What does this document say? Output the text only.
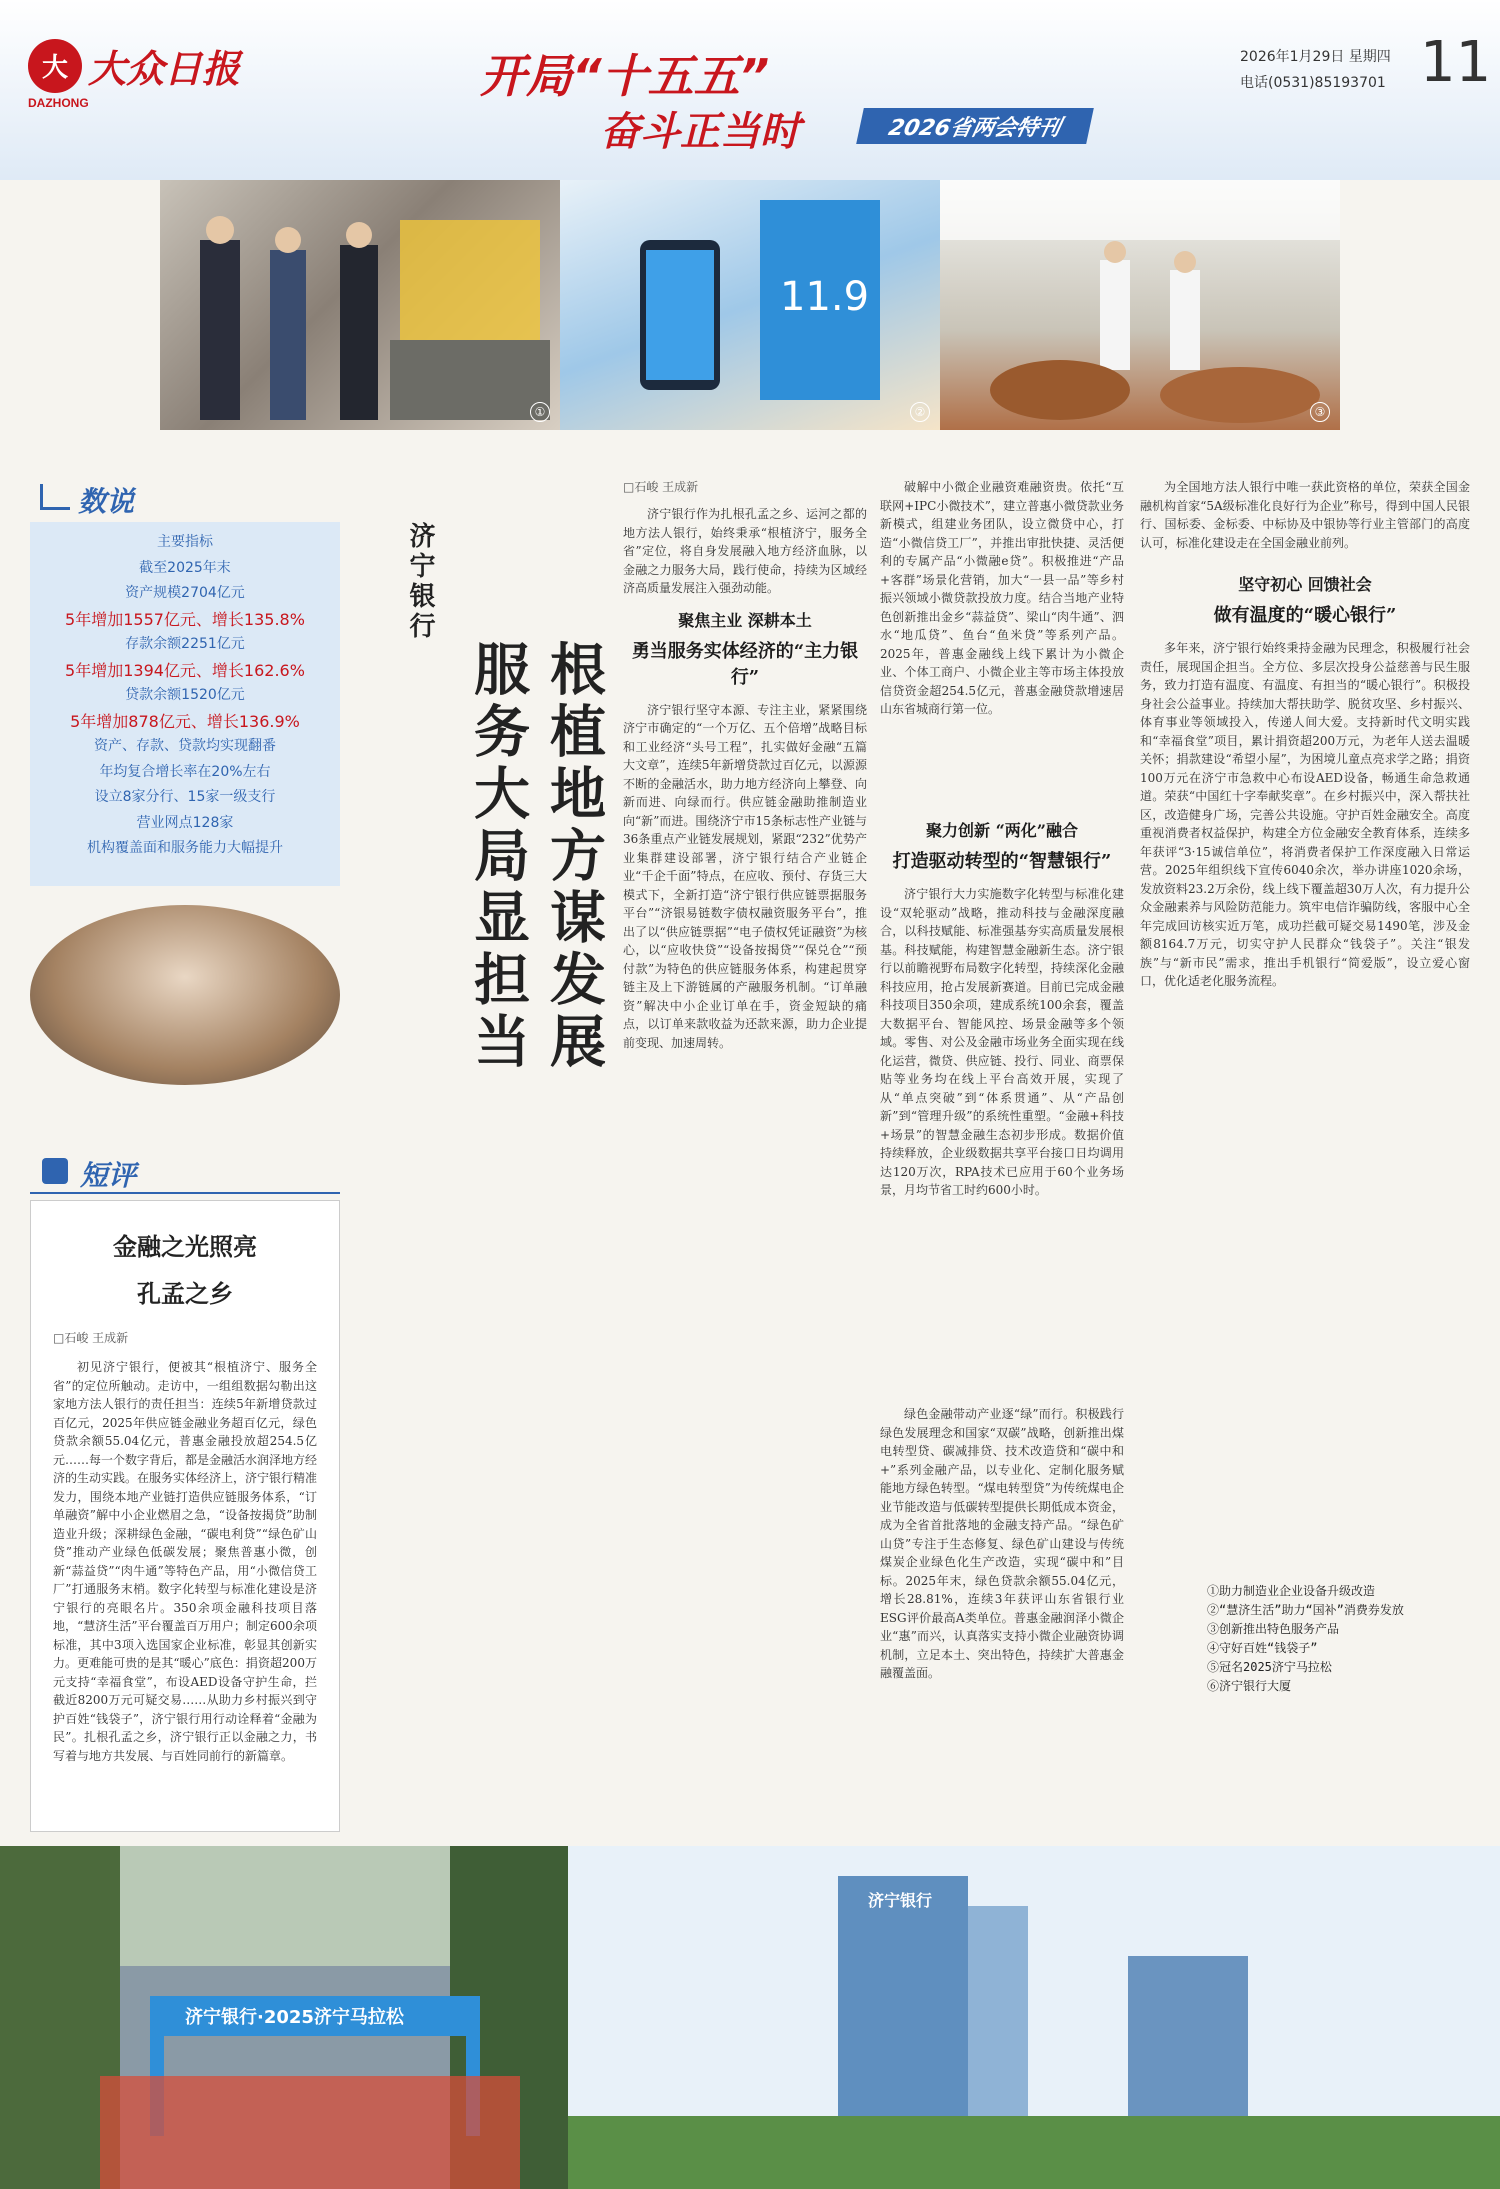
大 大众日报
DAZHONG	开局“十五五”
奋斗正当时	2026省两会特刊
2026年1月29日 星期四
电话(0531)85193701 11
①
11.9
②	③
数说
主要指标
截至2025年末
资产规模2704亿元
5年增加1557亿元、增长135.8%
存款余额2251亿元
5年增加1394亿元、增长162.6%
贷款余额1520亿元
5年增加878亿元、增长136.9%
资产、存款、贷款均实现翻番
年均复合增长率在20%左右
设立8家分行、15家一级支行
营业网点128家
机构覆盖面和服务能力大幅提升
短评
金融之光照亮
孔孟之乡
□石峻 王成新
初见济宁银行，便被其“根植济宁、服务全省”的定位所触动。走访中，一组组数据勾勒出这家地方法人银行的责任担当：连续5年新增贷款过百亿元，2025年供应链金融业务超百亿元，绿色贷款余额55.04亿元，普惠金融投放超254.5亿元……每一个数字背后，都是金融活水润泽地方经济的生动实践。在服务实体经济上，济宁银行精准发力，围绕本地产业链打造供应链服务体系，“订单融资”解中小企业燃眉之急，“设备按揭贷”助制造业升级；深耕绿色金融，“碳电利贷”“绿色矿山贷”推动产业绿色低碳发展；聚焦普惠小微，创新“蒜益贷”“肉牛通”等特色产品，用“小微信贷工厂”打通服务末梢。数字化转型与标准化建设是济宁银行的亮眼名片。350余项金融科技项目落地，“慧济生活”平台覆盖百万用户；制定600余项标准，其中3项入选国家企业标准，彰显其创新实力。更难能可贵的是其“暖心”底色：捐资超200万元支持“幸福食堂”，布设AED设备守护生命，拦截近8200万元可疑交易……从助力乡村振兴到守护百姓“钱袋子”，济宁银行用行动诠释着“金融为民”。扎根孔孟之乡，济宁银行正以金融之力，书写着与地方共发展、与百姓同前行的新篇章。
济宁银行·2025济宁马拉松
济宁银行
济宁银行
根植地方谋发展
服务大局显担当
□石峻 王成新
济宁银行作为扎根孔孟之乡、运河之都的地方法人银行，始终秉承“根植济宁，服务全省”定位，将自身发展融入地方经济血脉，以金融之力服务大局，践行使命，持续为区域经济高质量发展注入强劲动能。
聚焦主业 深耕本土
勇当服务实体经济的“主力银行”
济宁银行坚守本源、专注主业，紧紧围绕济宁市确定的“一个万亿、五个倍增”战略目标和工业经济“头号工程”，扎实做好金融“五篇大文章”，连续5年新增贷款过百亿元，以源源不断的金融活水，助力地方经济向上攀登、向新而进、向绿而行。供应链金融助推制造业向“新”而进。围绕济宁市15条标志性产业链与36条重点产业链发展规划，紧跟“232”优势产业集群建设部署，济宁银行结合产业链企业“千企千面”特点，在应收、预付、存货三大模式下，全新打造“济宁银行供应链票据服务平台”“济银易链数字债权融资服务平台”，推出了以“供应链票据”“电子债权凭证融资”为核心，以“应收快贷”“设备按揭贷”“保兑仓”“预付款”为特色的供应链服务体系，构建起贯穿链主及上下游链属的产融服务机制。“订单融资”解决中小企业订单在手，资金短缺的痛点，以订单来款收益为还款来源，助力企业提前变现、加速周转。
破解中小微企业融资难融资贵。依托“互联网+IPC小微技术”，建立普惠小微贷款业务新模式，组建业务团队，设立微贷中心，打造“小微信贷工厂”，并推出审批快捷、灵活便利的专属产品“小微融e贷”。积极推进“产品+客群”场景化营销，加大“一县一品”等乡村振兴领域小微贷款投放力度。结合当地产业特色创新推出金乡“蒜益贷”、梁山“肉牛通”、泗水“地瓜贷”、鱼台“鱼米贷”等系列产品。2025年，普惠金融线上线下累计为小微企业、个体工商户、小微企业主等市场主体投放信贷资金超254.5亿元，普惠金融贷款增速居山东省城商行第一位。
聚力创新 “两化”融合
打造驱动转型的“智慧银行”
济宁银行大力实施数字化转型与标准化建设“双轮驱动”战略，推动科技与金融深度融合，以科技赋能、标准强基夯实高质量发展根基。科技赋能，构建智慧金融新生态。济宁银行以前瞻视野布局数字化转型，持续深化金融科技应用，抢占发展新赛道。目前已完成金融科技项目350余项，建成系统100余套，覆盖大数据平台、智能风控、场景金融等多个领域。零售、对公及金融市场业务全面实现在线化运营，微贷、供应链、投行、同业、商票保贴等业务均在线上平台高效开展，实现了从“单点突破”到“体系贯通”、从“产品创新”到“管理升级”的系统性重塑。“金融+科技+场景”的智慧金融生态初步形成。数据价值持续释放，企业级数据共享平台接口日均调用达120万次，RPA技术已应用于60个业务场景，月均节省工时约600小时。
绿色金融带动产业逐“绿”而行。积极践行绿色发展理念和国家“双碳”战略，创新推出煤电转型贷、碳减排贷、技术改造贷和“碳中和+”系列金融产品，以专业化、定制化服务赋能地方绿色转型。“煤电转型贷”为传统煤电企业节能改造与低碳转型提供长期低成本资金，成为全省首批落地的金融支持产品。“绿色矿山贷”专注于生态修复、绿色矿山建设与传统煤炭企业绿色化生产改造，实现“碳中和”目标。2025年末，绿色贷款余额55.04亿元，增长28.81%，连续3年获评山东省银行业ESG评价最高A类单位。普惠金融润泽小微企业“惠”而兴，认真落实支持小微企业融资协调机制，立足本土、突出特色，持续扩大普惠金融覆盖面。
为全国地方法人银行中唯一获此资格的单位，荣获全国金融机构首家“5A级标准化良好行为企业”称号，得到中国人民银行、国标委、金标委、中标协及中银协等行业主管部门的高度认可，标准化建设走在全国金融业前列。
坚守初心 回馈社会
做有温度的“暖心银行”
多年来，济宁银行始终秉持金融为民理念，积极履行社会责任，展现国企担当。全方位、多层次投身公益慈善与民生服务，致力打造有温度、有温度、有担当的“暖心银行”。积极投身社会公益事业。持续加大帮扶助学、脱贫攻坚、乡村振兴、体育事业等领域投入，传递人间大爱。支持新时代文明实践和“幸福食堂”项目，累计捐资超200万元，为老年人送去温暖关怀；捐款建设“希望小屋”，为困境儿童点亮求学之路；捐资100万元在济宁市急救中心布设AED设备，畅通生命急救通道。荣获“中国红十字奉献奖章”。在乡村振兴中，深入帮扶社区，改造健身广场，完善公共设施。守护百姓金融安全。高度重视消费者权益保护，构建全方位金融安全教育体系，连续多年获评“3·15诚信单位”，将消费者保护工作深度融入日常运营。2025年组织线下宣传6040余次，举办讲座1020余场，发放资料23.2万余份，线上线下覆盖超30万人次，有力提升公众金融素养与风险防范能力。筑牢电信诈骗防线，客服中心全年完成回访核实近万笔，成功拦截可疑交易1490笔，涉及金额8164.7万元，切实守护人民群众“钱袋子”。关注“银发族”与“新市民”需求，推出手机银行“简爱版”，设立爱心窗口，优化适老化服务流程。
①助力制造业企业设备升级改造
②“慧济生活”助力“国补”消费券发放
③创新推出特色服务产品
④守好百姓“钱袋子”
⑤冠名2025济宁马拉松
⑥济宁银行大厦
